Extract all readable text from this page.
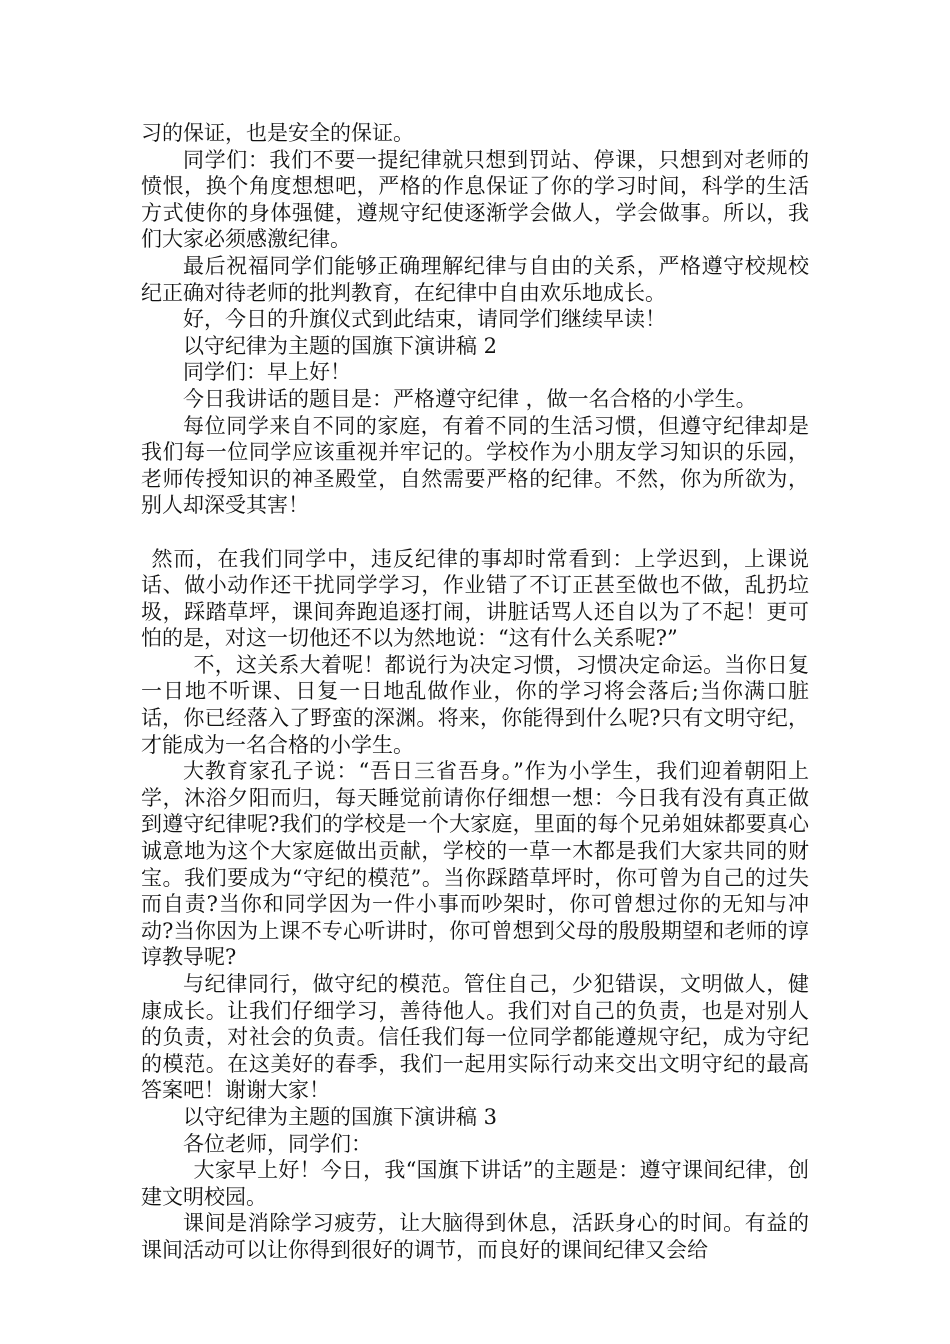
习的保证，也是安全的保证。

同学们：我们不要一提纪律就只想到罚站、停课，只想到对老师的愤恨，换个角度想想吧，严格的作息保证了你的学习时间，科学的生活方式使你的身体强健，遵规守纪使逐渐学会做人，学会做事。所以，我们大家必须感激纪律。

最后祝福同学们能够正确理解纪律与自由的关系，严格遵守校规校纪正确对待老师的批判教育，在纪律中自由欢乐地成长。

好，今日的升旗仪式到此结束，请同学们继续早读！

以守纪律为主题的国旗下演讲稿 2

同学们：早上好！

今日我讲话的题目是：严格遵守纪律 ，做一名合格的小学生。

每位同学来自不同的家庭，有着不同的生活习惯，但遵守纪律却是我们每一位同学应该重视并牢记的。学校作为小朋友学习知识的乐园，老师传授知识的神圣殿堂，自然需要严格的纪律。不然，你为所欲为，别人却深受其害！

然而，在我们同学中，违反纪律的事却时常看到：上学迟到，上课说话、做小动作还干扰同学学习，作业错了不订正甚至做也不做，乱扔垃圾，踩踏草坪，课间奔跑追逐打闹，讲脏话骂人还自以为了不起！更可怕的是，对这一切他还不以为然地说：“这有什么关系呢?”

不，这关系大着呢！都说行为决定习惯，习惯决定命运。当你日复一日地不听课、日复一日地乱做作业，你的学习将会落后;当你满口脏话，你已经落入了野蛮的深渊。将来，你能得到什么呢?只有文明守纪，才能成为一名合格的小学生。

大教育家孔子说：“吾日三省吾身。”作为小学生，我们迎着朝阳上学，沐浴夕阳而归，每天睡觉前请你仔细想一想：今日我有没有真正做到遵守纪律呢?我们的学校是一个大家庭，里面的每个兄弟姐妹都要真心诚意地为这个大家庭做出贡献，学校的一草一木都是我们大家共同的财宝。我们要成为“守纪的模范”。当你踩踏草坪时，你可曾为自己的过失而自责?当你和同学因为一件小事而吵架时，你可曾想过你的无知与冲动?当你因为上课不专心听讲时，你可曾想到父母的殷殷期望和老师的谆谆教导呢?

与纪律同行，做守纪的模范。管住自己，少犯错误，文明做人，健康成长。让我们仔细学习，善待他人。我们对自己的负责，也是对别人的负责，对社会的负责。信任我们每一位同学都能遵规守纪，成为守纪的模范。在这美好的春季，我们一起用实际行动来交出文明守纪的最高答案吧！谢谢大家！

以守纪律为主题的国旗下演讲稿 3

各位老师，同学们：

大家早上好！今日，我“国旗下讲话”的主题是：遵守课间纪律，创建文明校园。

课间是消除学习疲劳，让大脑得到休息，活跃身心的时间。有益的课间活动可以让你得到很好的调节，而良好的课间纪律又会给
